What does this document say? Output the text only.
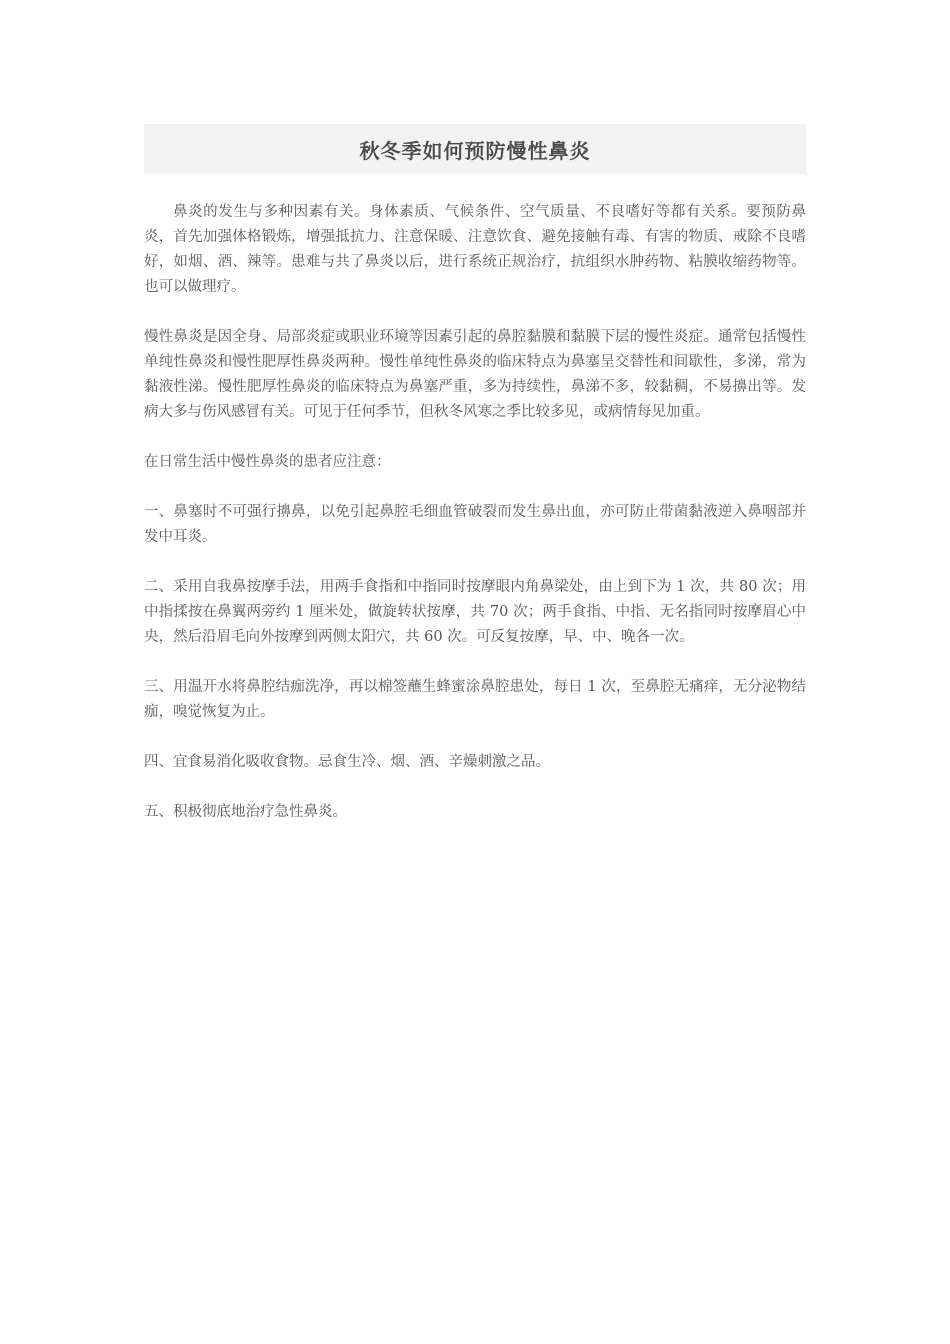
秋冬季如何预防慢性鼻炎

鼻炎的发生与多种因素有关。身体素质、气候条件、空气质量、不良嗜好等都有关系。要预防鼻炎，首先加强体格锻炼，增强抵抗力、注意保暖、注意饮食、避免接触有毒、有害的物质、戒除不良嗜好，如烟、酒、辣等。患难与共了鼻炎以后，进行系统正规治疗，抗组织水肿药物、粘膜收缩药物等。也可以做理疗。

慢性鼻炎是因全身、局部炎症或职业环境等因素引起的鼻腔黏膜和黏膜下层的慢性炎症。通常包括慢性单纯性鼻炎和慢性肥厚性鼻炎两种。慢性单纯性鼻炎的临床特点为鼻塞呈交替性和间歇性，多涕，常为黏液性涕。慢性肥厚性鼻炎的临床特点为鼻塞严重，多为持续性，鼻涕不多，较黏稠，不易擤出等。发病大多与伤风感冒有关。可见于任何季节，但秋冬风寒之季比较多见，或病情每见加重。

在日常生活中慢性鼻炎的患者应注意：

一、鼻塞时不可强行擤鼻，以免引起鼻腔毛细血管破裂而发生鼻出血，亦可防止带菌黏液逆入鼻咽部并发中耳炎。

二、采用自我鼻按摩手法，用两手食指和中指同时按摩眼内角鼻梁处，由上到下为 1 次，共 80 次；用中指揉按在鼻翼两旁约 1 厘米处，做旋转状按摩，共 70 次；两手食指、中指、无名指同时按摩眉心中央，然后沿眉毛向外按摩到两侧太阳穴，共 60 次。可反复按摩，早、中、晚各一次。

三、用温开水将鼻腔结痂洗净，再以棉签蘸生蜂蜜涂鼻腔患处，每日 1 次，至鼻腔无痛痒，无分泌物结痂，嗅觉恢复为止。

四、宜食易消化吸收食物。忌食生冷、烟、酒、辛燥刺激之品。

五、积极彻底地治疗急性鼻炎。
